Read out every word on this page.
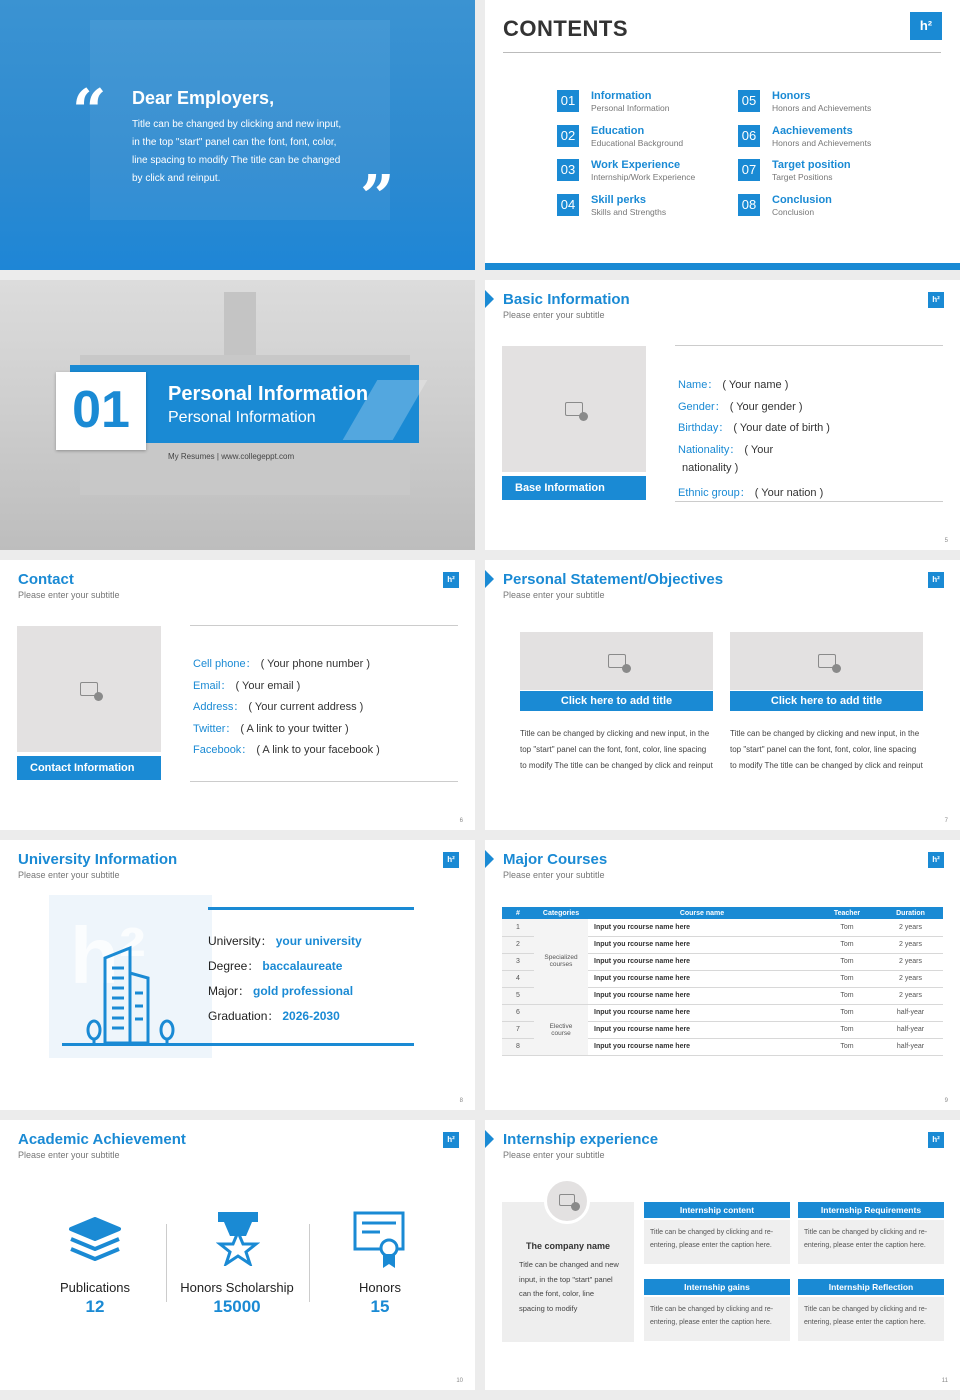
“ Dear Employers,
Title can be changed by clicking and new input, in the top "start" panel can the font, font, color, line spacing to modify The title can be changed by click and reinput.	”
CONTENTS	h²
01	Information
Personal Information
02	Education
Educational Background
03	Work Experience
Internship/Work Experience
04	Skill perks
Skills and Strengths
05	Honors
Honors and Achievements
06	Aachievements
Honors and Achievements
07	Target position
Target Positions
08	Conclusion
Conclusion
01	Personal Information
Personal Information
My Resumes | www.collegeppt.com
Basic Information
Please enter your subtitle
h²
Base Information
Name： ( Your name )
Gender： ( Your gender )
Birthday： ( Your date of birth )
Nationality： ( Your
nationality )
Ethnic group： ( Your nation )
5
Contact
Please enter your subtitle
h²
Contact Information
Cell phone： ( Your phone number )
Email： ( Your email )
Address： ( Your current address )
Twitter： ( A link to your twitter )
Facebook： ( A link to your facebook )
6
Personal Statement/Objectives
Please enter your subtitle
h²
Click here to add title
Title can be changed by clicking and new input, in the top "start" panel can the font, font, color, line spacing to modify The title can be changed by click and reinput
Click here to add title
Title can be changed by clicking and new input, in the top "start" panel can the font, font, color, line spacing to modify The title can be changed by click and reinput
7
University Information
Please enter your subtitle
h²
h²	University： your university
Degree： baccalaureate
Major： gold professional
Graduation： 2026-2030
8
Major Courses
Please enter your subtitle
h²
#	Categories	Course name	Teacher	Duration
1	Specialized courses	Input you rcourse name here	Tom	2 years
2		Input you rcourse name here	Tom	2 years
3		Input you rcourse name here	Tom	2 years
4		Input you rcourse name here	Tom	2 years
5		Input you rcourse name here	Tom	2 years
6	Elective course	Input you rcourse name here	Tom	half-year
7		Input you rcourse name here	Tom	half-year
8		Input you rcourse name here	Tom	half-year
9
Academic Achievement
Please enter your subtitle
h²
Publications
12
Honors Scholarship
15000
Honors
15
10
Internship experience
Please enter your subtitle
h²
The company name
Title can be changed and new input, in the top "start" panel can the font, color, line spacing to modify
Internship content
Title can be changed by clicking and re-entering, please enter the caption here.
Internship Requirements
Title can be changed by clicking and re-entering, please enter the caption here.
Internship gains
Title can be changed by clicking and re-entering, please enter the caption here.
Internship Reflection
Title can be changed by clicking and re-entering, please enter the caption here.
11
